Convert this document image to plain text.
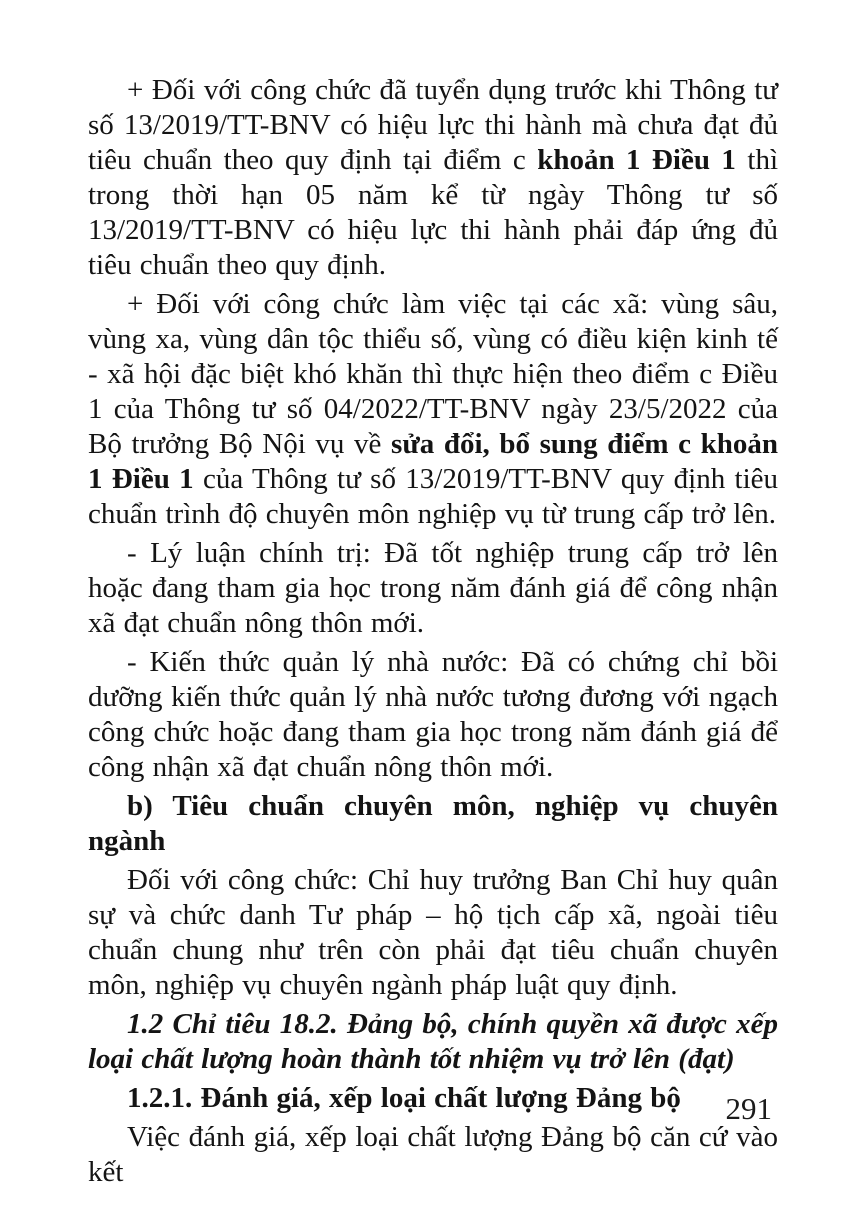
+ Đối với công chức đã tuyển dụng trước khi Thông tư số 13/2019/TT-BNV có hiệu lực thi hành mà chưa đạt đủ tiêu chuẩn theo quy định tại điểm c khoản 1 Điều 1 thì trong thời hạn 05 năm kể từ ngày Thông tư số 13/2019/TT-BNV có hiệu lực thi hành phải đáp ứng đủ tiêu chuẩn theo quy định.

+ Đối với công chức làm việc tại các xã: vùng sâu, vùng xa, vùng dân tộc thiểu số, vùng có điều kiện kinh tế - xã hội đặc biệt khó khăn thì thực hiện theo điểm c Điều 1 của Thông tư số 04/2022/TT-BNV ngày 23/5/2022 của Bộ trưởng Bộ Nội vụ về sửa đổi, bổ sung điểm c khoản 1 Điều 1 của Thông tư số 13/2019/TT-BNV quy định tiêu chuẩn trình độ chuyên môn nghiệp vụ từ trung cấp trở lên.

- Lý luận chính trị: Đã tốt nghiệp trung cấp trở lên hoặc đang tham gia học trong năm đánh giá để công nhận xã đạt chuẩn nông thôn mới.

- Kiến thức quản lý nhà nước: Đã có chứng chỉ bồi dưỡng kiến thức quản lý nhà nước tương đương với ngạch công chức hoặc đang tham gia học trong năm đánh giá để công nhận xã đạt chuẩn nông thôn mới.

b) Tiêu chuẩn chuyên môn, nghiệp vụ chuyên ngành

Đối với công chức: Chỉ huy trưởng Ban Chỉ huy quân sự và chức danh Tư pháp – hộ tịch cấp xã, ngoài tiêu chuẩn chung như trên còn phải đạt tiêu chuẩn chuyên môn, nghiệp vụ chuyên ngành pháp luật quy định.

1.2 Chỉ tiêu 18.2. Đảng bộ, chính quyền xã được xếp loại chất lượng hoàn thành tốt nhiệm vụ trở lên (đạt)

1.2.1. Đánh giá, xếp loại chất lượng Đảng bộ

Việc đánh giá, xếp loại chất lượng Đảng bộ căn cứ vào kết

291
